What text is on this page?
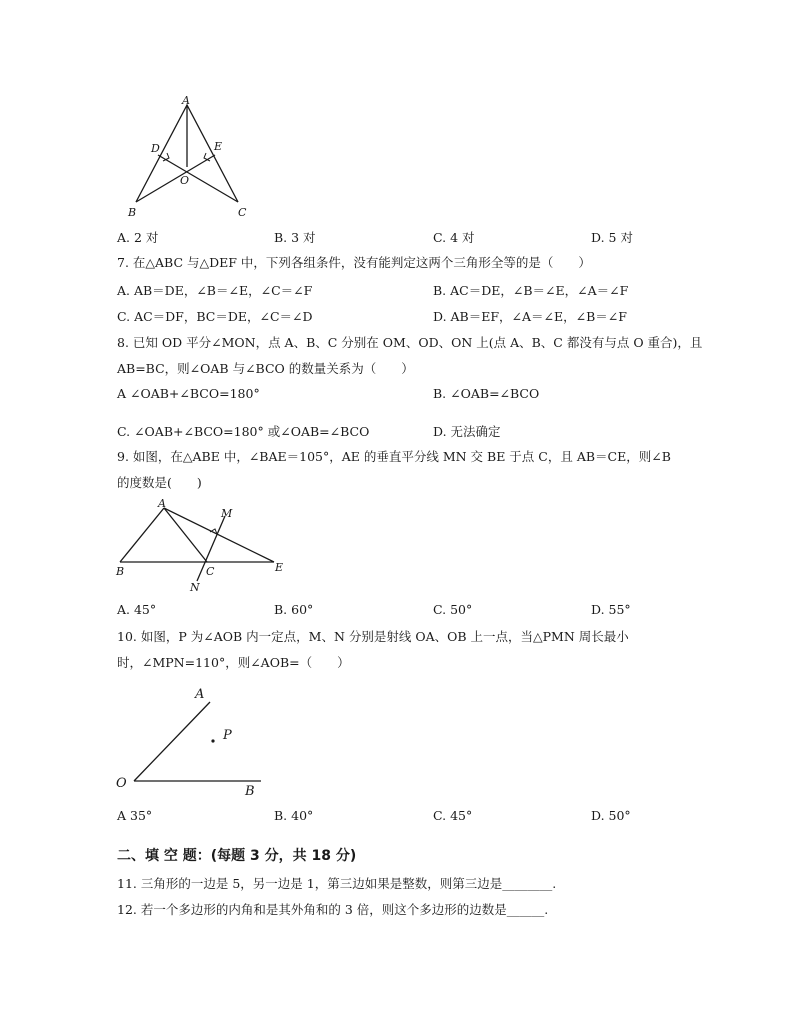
A
D	E
O
B	C
A. 2 对	B. 3 对	C. 4 对	D. 5 对
7. 在△ABC 与△DEF 中，下列各组条件，没有能判定这两个三角形全等的是（　　）
A. AB＝DE，∠B＝∠E，∠C＝∠F	B. AC＝DE，∠B＝∠E，∠A＝∠F
C. AC＝DF，BC＝DE，∠C＝∠D	D. AB＝EF，∠A＝∠E，∠B＝∠F
8. 已知 OD 平分∠MON，点 A、B、C 分别在 OM、OD、ON 上(点 A、B、C 都没有与点 O 重合)，且
AB=BC，则∠OAB 与∠BCO 的数量关系为（　　）
A ∠OAB+∠BCO=180°	B. ∠OAB=∠BCO
C. ∠OAB+∠BCO=180° 或∠OAB=∠BCO	D. 无法确定
9. 如图，在△ABE 中，∠BAE＝105°，AE 的垂直平分线 MN 交 BE 于点 C，且 AB＝CE，则∠B
的度数是(　　)
A
M
B	C
N
E
A. 45°	B. 60°	C. 50°	D. 55°
10. 如图，P 为∠AOB 内一定点，M、N 分别是射线 OA、OB 上一点，当△PMN 周长最小
时，∠MPN=110°，则∠AOB=（　　）
A
P
O
B
A 35°	B. 40°	C. 45°	D. 50°
二、填 空 题：(每题 3 分，共 18 分)
11. 三角形的一边是 5，另一边是 1，第三边如果是整数，则第三边是________.
12. 若一个多边形的内角和是其外角和的 3 倍，则这个多边形的边数是______.
